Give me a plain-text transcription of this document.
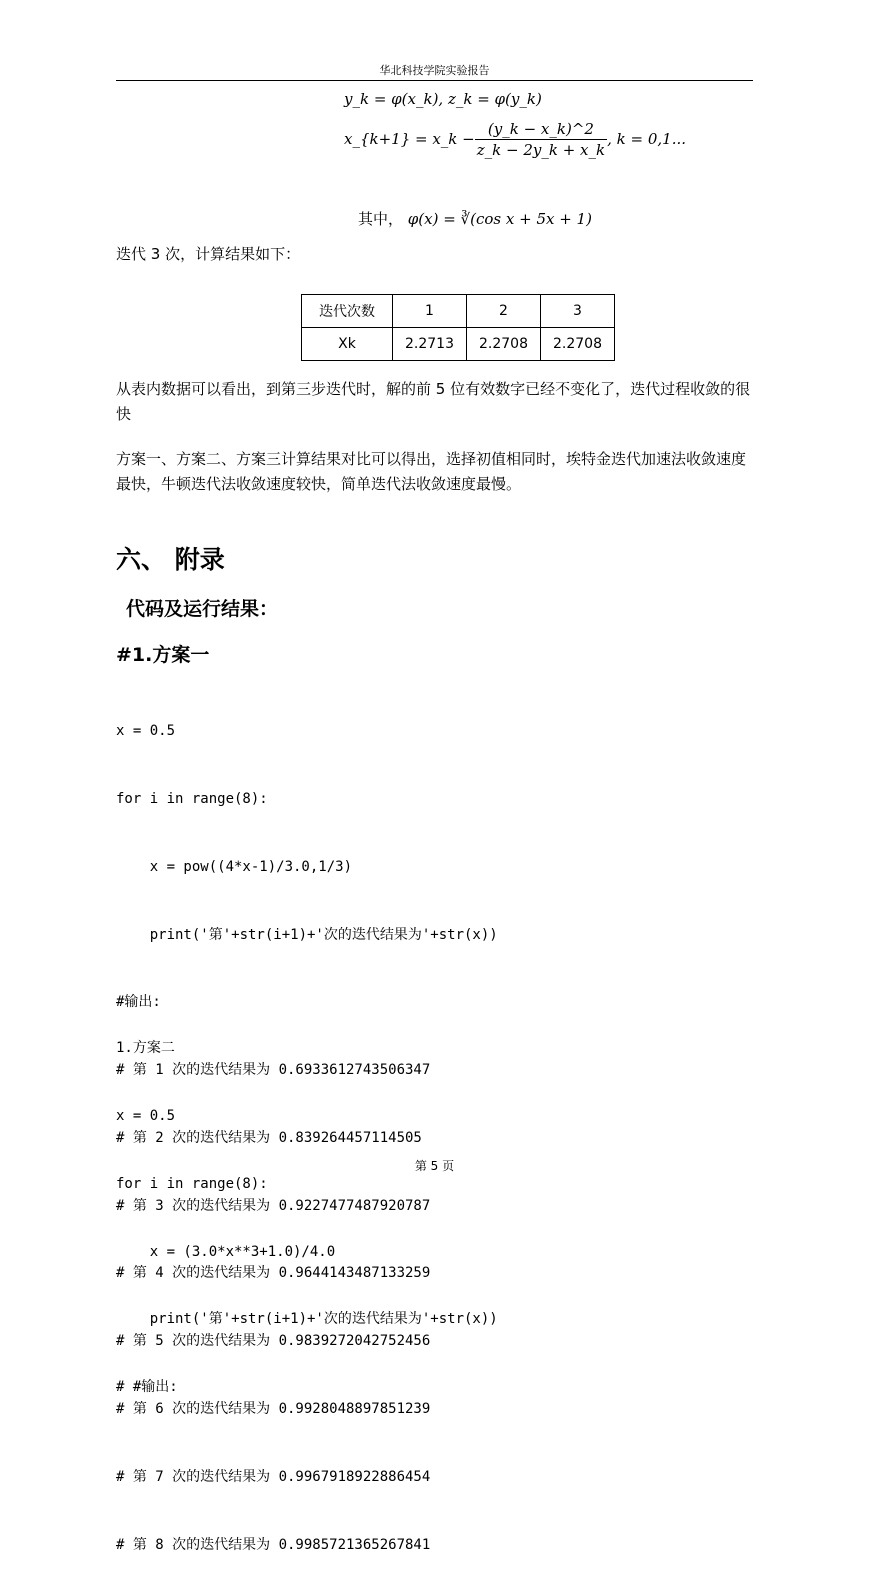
华北科技学院实验报告
y_k = φ(x_k), z_k = φ(y_k)
x_{k+1} = x_k − $\frac{(y\_k - x\_k)\^{}2}{z\_k - 2y\_k + x\_k}$ , k = 0,1...
其中， φ(x) = ∛(cos x + 5x + 1)
迭代 3 次，计算结果如下：
迭代次数	1	2	3
Xk	2.2713	2.2708	2.2708
从表内数据可以看出，到第三步迭代时，解的前 5 位有效数字已经不变化了，迭代过程收敛的很快
方案一、方案二、方案三计算结果对比可以得出，选择初值相同时，埃特金迭代加速法收敛速度最快，牛顿迭代法收敛速度较快，简单迭代法收敛速度最慢。
六、 附录
代码及运行结果：
#1.方案一

x = 0.5

for i in range(8):

x = pow((4*x-1)/3.0,1/3)

print('第'+str(i+1)+'次的迭代结果为'+str(x))

#输出:

# 第 1 次的迭代结果为 0.6933612743506347

# 第 2 次的迭代结果为 0.839264457114505

# 第 3 次的迭代结果为 0.9227477487920787

# 第 4 次的迭代结果为 0.9644143487133259

# 第 5 次的迭代结果为 0.9839272042752456

# 第 6 次的迭代结果为 0.9928048897851239

# 第 7 次的迭代结果为 0.9967918922886454

# 第 8 次的迭代结果为 0.9985721365267841

1.方案二

x = 0.5

for i in range(8):

x = (3.0*x**3+1.0)/4.0

print('第'+str(i+1)+'次的迭代结果为'+str(x))

# #输出:

第 5 页
